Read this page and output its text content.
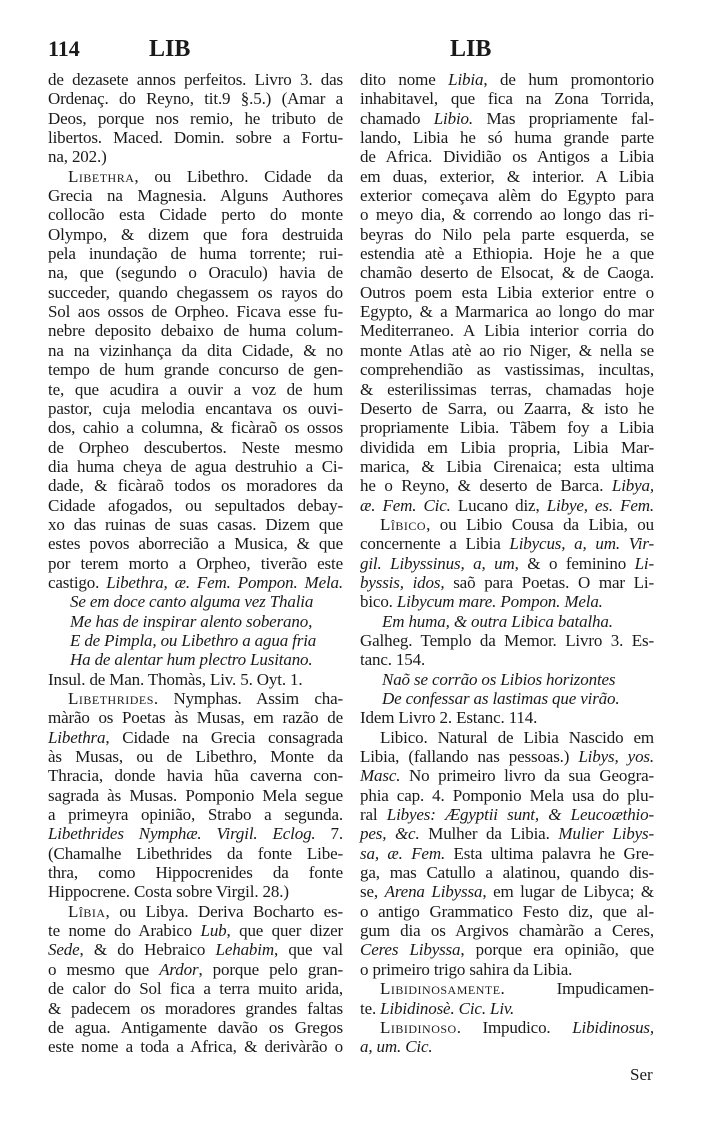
114	LIB	LIB
de dezasete annos perfeitos. Livro 3. das
Ordenaç. do Reyno, tit.9 §.5.) (Amar a
Deos, porque nos remio, he tributo de
libertos. Maced. Domin. sobre a Fortu-
na, 202.)
Libethra, ou Libethro. Cidade da
Grecia na Magnesia. Alguns Authores
collocão esta Cidade perto do monte
Olympo, & dizem que fora destruida
pela inundação de huma torrente; rui-
na, que (segundo o Oraculo) havia de
succeder, quando chegassem os rayos do
Sol aos ossos de Orpheo. Ficava esse fu-
nebre deposito debaixo de huma colum-
na na vizinhança da dita Cidade, & no
tempo de hum grande concurso de gen-
te, que acudira a ouvir a voz de hum
pastor, cuja melodia encantava os ouvi-
dos, cahio a columna, & ficàraõ os ossos
de Orpheo descubertos. Neste mesmo
dia huma cheya de agua destruhio a Ci-
dade, & ficàraõ todos os moradores da
Cidade afogados, ou sepultados debay-
xo das ruinas de suas casas. Dizem que
estes povos aborrecião a Musica, & que
por terem morto a Orpheo, tiverão este
castigo. Libethra, æ. Fem. Pompon. Mela.
Se em doce canto alguma vez Thalia
Me has de inspirar alento soberano,
E de Pimpla, ou Libethro a agua fria
Ha de alentar hum plectro Lusitano.
Insul. de Man. Thomàs, Liv. 5. Oyt. 1.
Libethrides. Nymphas. Assim cha-
màrão os Poetas às Musas, em razão de
Libethra, Cidade na Grecia consagrada
às Musas, ou de Libethro, Monte da
Thracia, donde havia hũa caverna con-
sagrada às Musas. Pomponio Mela segue
a primeyra opinião, Strabo a segunda.
Libethrides Nymphæ. Virgil. Eclog. 7.
(Chamalhe Libethrides da fonte Libe-
thra, como Hippocrenides da fonte
Hippocrene. Costa sobre Virgil. 28.)
Lîbia, ou Libya. Deriva Bocharto es-
te nome do Arabico Lub, que quer dizer
Sede, & do Hebraico Lehabim, que val
o mesmo que Ardor, porque pelo gran-
de calor do Sol fica a terra muito arida,
& padecem os moradores grandes faltas
de agua. Antigamente davão os Gregos
este nome a toda a Africa, & derivàrão o
dito nome Libia, de hum promontorio
inhabitavel, que fica na Zona Torrida,
chamado Libio. Mas propriamente fal-
lando, Libia he só huma grande parte
de Africa. Dividião os Antigos a Libia
em duas, exterior, & interior. A Libia
exterior começava alèm do Egypto para
o meyo dia, & correndo ao longo das ri-
beyras do Nilo pela parte esquerda, se
estendia atè a Ethiopia. Hoje he a que
chamão deserto de Elsocat, & de Caoga.
Outros poem esta Libia exterior entre o
Egypto, & a Marmarica ao longo do mar
Mediterraneo. A Libia interior corria do
monte Atlas atè ao rio Niger, & nella se
comprehendião as vastissimas, incultas,
& esterilissimas terras, chamadas hoje
Deserto de Sarra, ou Zaarra, & isto he
propriamente Libia. Tãbem foy a Libia
dividida em Libia propria, Libia Mar-
marica, & Libia Cirenaica; esta ultima
he o Reyno, & deserto de Barca. Libya,
æ. Fem. Cic. Lucano diz, Libye, es. Fem.
Lîbico, ou Libio Cousa da Libia, ou
concernente a Libia Libycus, a, um. Vir-
gil. Libyssinus, a, um, & o feminino Li-
byssis, idos, saõ para Poetas. O mar Li-
bico. Libycum mare. Pompon. Mela.
Em huma, & outra Libica batalha.
Galheg. Templo da Memor. Livro 3. Es-
tanc. 154.
Naõ se corrão os Libios horizontes
De confessar as lastimas que virão.
Idem Livro 2. Estanc. 114.
Libico. Natural de Libia Nascido em
Libia, (fallando nas pessoas.) Libys, yos.
Masc. No primeiro livro da sua Geogra-
phia cap. 4. Pomponio Mela usa do plu-
ral Libyes: Ægyptii sunt, & Leucoæthio-
pes, &c. Mulher da Libia. Mulier Libys-
sa, æ. Fem. Esta ultima palavra he Gre-
ga, mas Catullo a alatinou, quando dis-
se, Arena Libyssa, em lugar de Libyca; &
o antigo Grammatico Festo diz, que al-
gum dia os Argivos chamàrão a Ceres,
Ceres Libyssa, porque era opinião, que
o primeiro trigo sahira da Libia.
Libidinosamente. Impudicamen-
te. Libidinosè. Cic. Liv.
Libidinoso. Impudico. Libidinosus,
a, um. Cic.
Ser
